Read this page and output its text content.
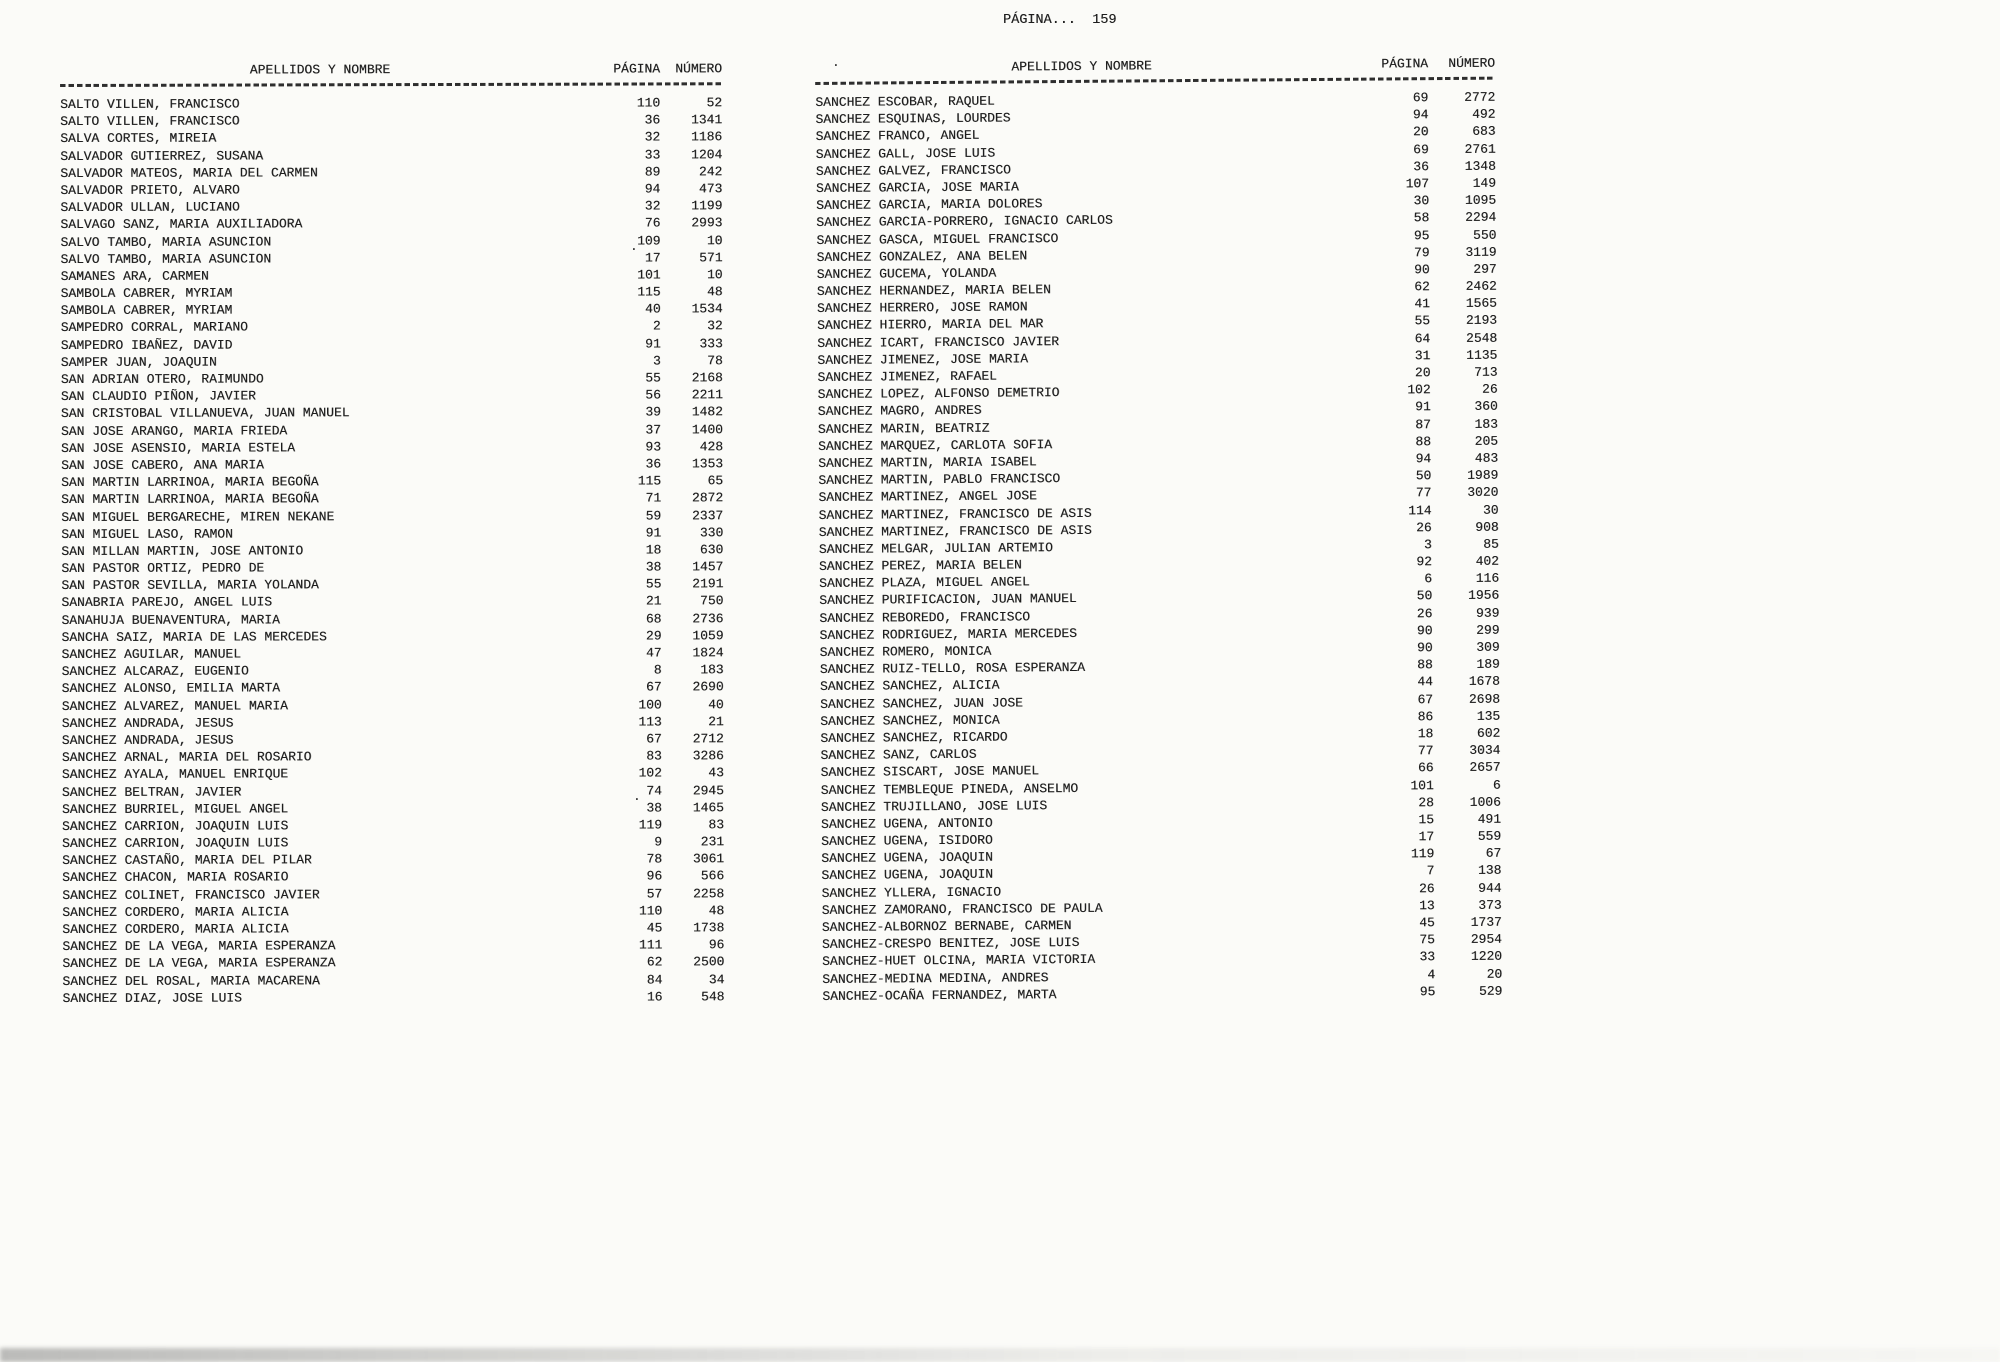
PÁGINA...  159
APELLIDOS Y NOMBRE	PÁGINA	NÚMERO
SALTO VILLEN, FRANCISCO	110	52
SALTO VILLEN, FRANCISCO	36	1341
SALVA CORTES, MIREIA	32	1186
SALVADOR GUTIERREZ, SUSANA	33	1204
SALVADOR MATEOS, MARIA DEL CARMEN	89	242
SALVADOR PRIETO, ALVARO	94	473
SALVADOR ULLAN, LUCIANO	32	1199
SALVAGO SANZ, MARIA AUXILIADORA	76	2993
SALVO TAMBO, MARIA ASUNCION	109	10
SALVO TAMBO, MARIA ASUNCION	17	571
SAMANES ARA, CARMEN	101	10
SAMBOLA CABRER, MYRIAM	115	48
SAMBOLA CABRER, MYRIAM	40	1534
SAMPEDRO CORRAL, MARIANO	2	32
SAMPEDRO IBAÑEZ, DAVID	91	333
SAMPER JUAN, JOAQUIN	3	78
SAN ADRIAN OTERO, RAIMUNDO	55	2168
SAN CLAUDIO PIÑON, JAVIER	56	2211
SAN CRISTOBAL VILLANUEVA, JUAN MANUEL	39	1482
SAN JOSE ARANGO, MARIA FRIEDA	37	1400
SAN JOSE ASENSIO, MARIA ESTELA	93	428
SAN JOSE CABERO, ANA MARIA	36	1353
SAN MARTIN LARRINOA, MARIA BEGOÑA	115	65
SAN MARTIN LARRINOA, MARIA BEGOÑA	71	2872
SAN MIGUEL BERGARECHE, MIREN NEKANE	59	2337
SAN MIGUEL LASO, RAMON	91	330
SAN MILLAN MARTIN, JOSE ANTONIO	18	630
SAN PASTOR ORTIZ, PEDRO DE	38	1457
SAN PASTOR SEVILLA, MARIA YOLANDA	55	2191
SANABRIA PAREJO, ANGEL LUIS	21	750
SANAHUJA BUENAVENTURA, MARIA	68	2736
SANCHA SAIZ, MARIA DE LAS MERCEDES	29	1059
SANCHEZ AGUILAR, MANUEL	47	1824
SANCHEZ ALCARAZ, EUGENIO	8	183
SANCHEZ ALONSO, EMILIA MARTA	67	2690
SANCHEZ ALVAREZ, MANUEL MARIA	100	40
SANCHEZ ANDRADA, JESUS	113	21
SANCHEZ ANDRADA, JESUS	67	2712
SANCHEZ ARNAL, MARIA DEL ROSARIO	83	3286
SANCHEZ AYALA, MANUEL ENRIQUE	102	43
SANCHEZ BELTRAN, JAVIER	74	2945
SANCHEZ BURRIEL, MIGUEL ANGEL	38	1465
SANCHEZ CARRION, JOAQUIN LUIS	119	83
SANCHEZ CARRION, JOAQUIN LUIS	9	231
SANCHEZ CASTAÑO, MARIA DEL PILAR	78	3061
SANCHEZ CHACON, MARIA ROSARIO	96	566
SANCHEZ COLINET, FRANCISCO JAVIER	57	2258
SANCHEZ CORDERO, MARIA ALICIA	110	48
SANCHEZ CORDERO, MARIA ALICIA	45	1738
SANCHEZ DE LA VEGA, MARIA ESPERANZA	111	96
SANCHEZ DE LA VEGA, MARIA ESPERANZA	62	2500
SANCHEZ DEL ROSAL, MARIA MACARENA	84	34
SANCHEZ DIAZ, JOSE LUIS	16	548
APELLIDOS Y NOMBRE	PÁGINA	NÚMERO
SANCHEZ ESCOBAR, RAQUEL	69	2772
SANCHEZ ESQUINAS, LOURDES	94	492
SANCHEZ FRANCO, ANGEL	20	683
SANCHEZ GALL, JOSE LUIS	69	2761
SANCHEZ GALVEZ, FRANCISCO	36	1348
SANCHEZ GARCIA, JOSE MARIA	107	149
SANCHEZ GARCIA, MARIA DOLORES	30	1095
SANCHEZ GARCIA-PORRERO, IGNACIO CARLOS	58	2294
SANCHEZ GASCA, MIGUEL FRANCISCO	95	550
SANCHEZ GONZALEZ, ANA BELEN	79	3119
SANCHEZ GUCEMA, YOLANDA	90	297
SANCHEZ HERNANDEZ, MARIA BELEN	62	2462
SANCHEZ HERRERO, JOSE RAMON	41	1565
SANCHEZ HIERRO, MARIA DEL MAR	55	2193
SANCHEZ ICART, FRANCISCO JAVIER	64	2548
SANCHEZ JIMENEZ, JOSE MARIA	31	1135
SANCHEZ JIMENEZ, RAFAEL	20	713
SANCHEZ LOPEZ, ALFONSO DEMETRIO	102	26
SANCHEZ MAGRO, ANDRES	91	360
SANCHEZ MARIN, BEATRIZ	87	183
SANCHEZ MARQUEZ, CARLOTA SOFIA	88	205
SANCHEZ MARTIN, MARIA ISABEL	94	483
SANCHEZ MARTIN, PABLO FRANCISCO	50	1989
SANCHEZ MARTINEZ, ANGEL JOSE	77	3020
SANCHEZ MARTINEZ, FRANCISCO DE ASIS	114	30
SANCHEZ MARTINEZ, FRANCISCO DE ASIS	26	908
SANCHEZ MELGAR, JULIAN ARTEMIO	3	85
SANCHEZ PEREZ, MARIA BELEN	92	402
SANCHEZ PLAZA, MIGUEL ANGEL	6	116
SANCHEZ PURIFICACION, JUAN MANUEL	50	1956
SANCHEZ REBOREDO, FRANCISCO	26	939
SANCHEZ RODRIGUEZ, MARIA MERCEDES	90	299
SANCHEZ ROMERO, MONICA	90	309
SANCHEZ RUIZ-TELLO, ROSA ESPERANZA	88	189
SANCHEZ SANCHEZ, ALICIA	44	1678
SANCHEZ SANCHEZ, JUAN JOSE	67	2698
SANCHEZ SANCHEZ, MONICA	86	135
SANCHEZ SANCHEZ, RICARDO	18	602
SANCHEZ SANZ, CARLOS	77	3034
SANCHEZ SISCART, JOSE MANUEL	66	2657
SANCHEZ TEMBLEQUE PINEDA, ANSELMO	101	6
SANCHEZ TRUJILLANO, JOSE LUIS	28	1006
SANCHEZ UGENA, ANTONIO	15	491
SANCHEZ UGENA, ISIDORO	17	559
SANCHEZ UGENA, JOAQUIN	119	67
SANCHEZ UGENA, JOAQUIN	7	138
SANCHEZ YLLERA, IGNACIO	26	944
SANCHEZ ZAMORANO, FRANCISCO DE PAULA	13	373
SANCHEZ-ALBORNOZ BERNABE, CARMEN	45	1737
SANCHEZ-CRESPO BENITEZ, JOSE LUIS	75	2954
SANCHEZ-HUET OLCINA, MARIA VICTORIA	33	1220
SANCHEZ-MEDINA MEDINA, ANDRES	4	20
SANCHEZ-OCAÑA FERNANDEZ, MARTA	95	529
.
.
.
